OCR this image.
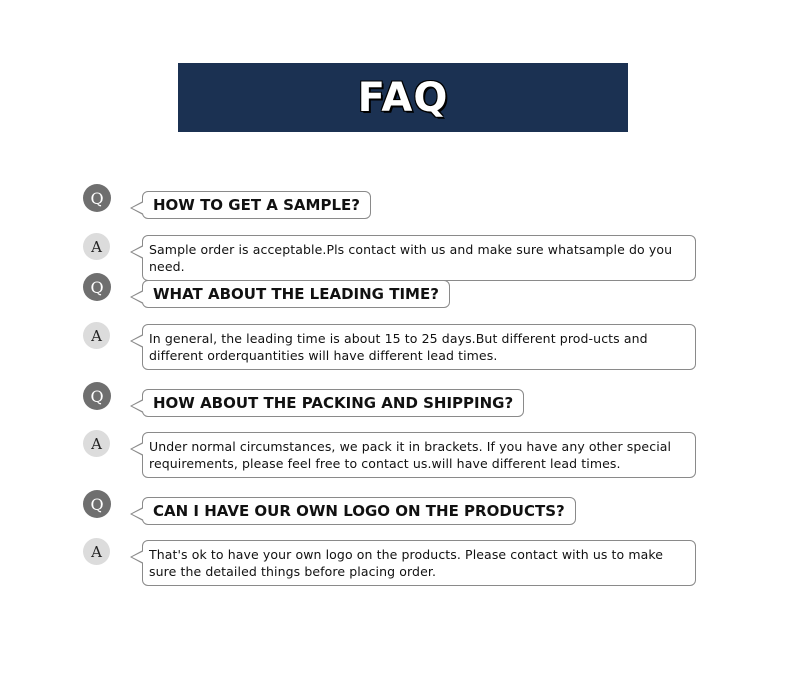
FAQ
Q	HOW TO GET A SAMPLE?
A	Sample order is acceptable.Pls contact with us and make sure whatsample do you need.
Q	WHAT ABOUT THE LEADING TIME?
A	In general, the leading time is about 15 to 25 days.But different prod-ucts and different orderquantities will have different lead times.
Q	HOW ABOUT THE PACKING AND SHIPPING?
A	Under normal circumstances, we pack it in brackets. If you have any other special requirements, please feel free to contact us.will have different lead times.
Q	CAN I HAVE OUR OWN LOGO ON THE PRODUCTS?
A	That's ok to have your own logo on the products. Please contact with us to make sure the detailed things before placing order.
